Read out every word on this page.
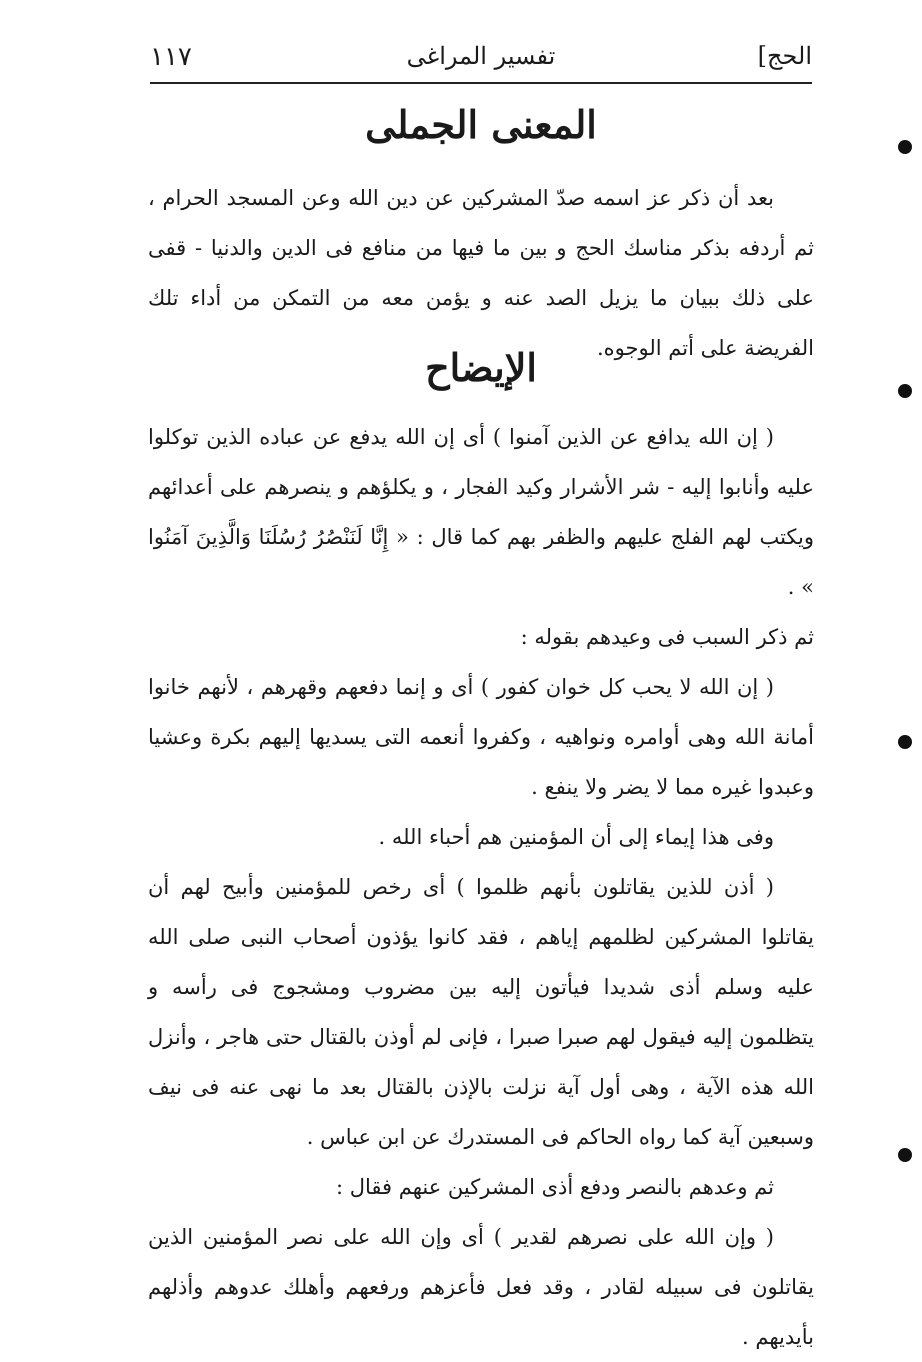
١١٧	تفسير المراغى	الحج]
المعنى الجملى

بعد أن ذكر عز اسمه صدّ المشركين عن دين الله وعن المسجد الحرام ، ثم أردفه بذكر مناسك الحج و بين ما فيها من منافع فى الدين والدنيا - قفى على ذلك ببيان ما يزيل الصد عنه و يؤمن معه من التمكن من أداء تلك الفريضة على أتم الوجوه.

الإيضاح

( إن الله يدافع عن الذين آمنوا ) أى إن الله يدفع عن عباده الذين توكلوا عليه وأنابوا إليه - شر الأشرار وكيد الفجار ، و يكلؤهم و ينصرهم على أعدائهم ويكتب لهم الفلج عليهم والظفر بهم كما قال : « إِنَّا لَنَنْصُرُ رُسُلَنَا وَالَّذِينَ آمَنُوا » .

ثم ذكر السبب فى وعيدهم بقوله :

( إن الله لا يحب كل خوان كفور ) أى و إنما دفعهم وقهرهم ، لأنهم خانوا أمانة الله وهى أوامره ونواهيه ، وكفروا أنعمه التى يسديها إليهم بكرة وعشيا وعبدوا غيره مما لا يضر ولا ينفع .

وفى هذا إيماء إلى أن المؤمنين هم أحباء الله .

( أذن للذين يقاتلون بأنهم ظلموا ) أى رخص للمؤمنين وأبيح لهم أن يقاتلوا المشركين لظلمهم إياهم ، فقد كانوا يؤذون أصحاب النبى صلى الله عليه وسلم أذى شديدا فيأتون إليه بين مضروب ومشجوج فى رأسه و يتظلمون إليه فيقول لهم صبرا صبرا ، فإنى لم أوذن بالقتال حتى هاجر ، وأنزل الله هذه الآية ، وهى أول آية نزلت بالإذن بالقتال بعد ما نهى عنه فى نيف وسبعين آية كما رواه الحاكم فى المستدرك عن ابن عباس .

ثم وعدهم بالنصر ودفع أذى المشركين عنهم فقال :

( وإن الله على نصرهم لقدير ) أى وإن الله على نصر المؤمنين الذين يقاتلون فى سبيله لقادر ، وقد فعل فأعزهم ورفعهم وأهلك عدوهم وأذلهم بأيديهم .
